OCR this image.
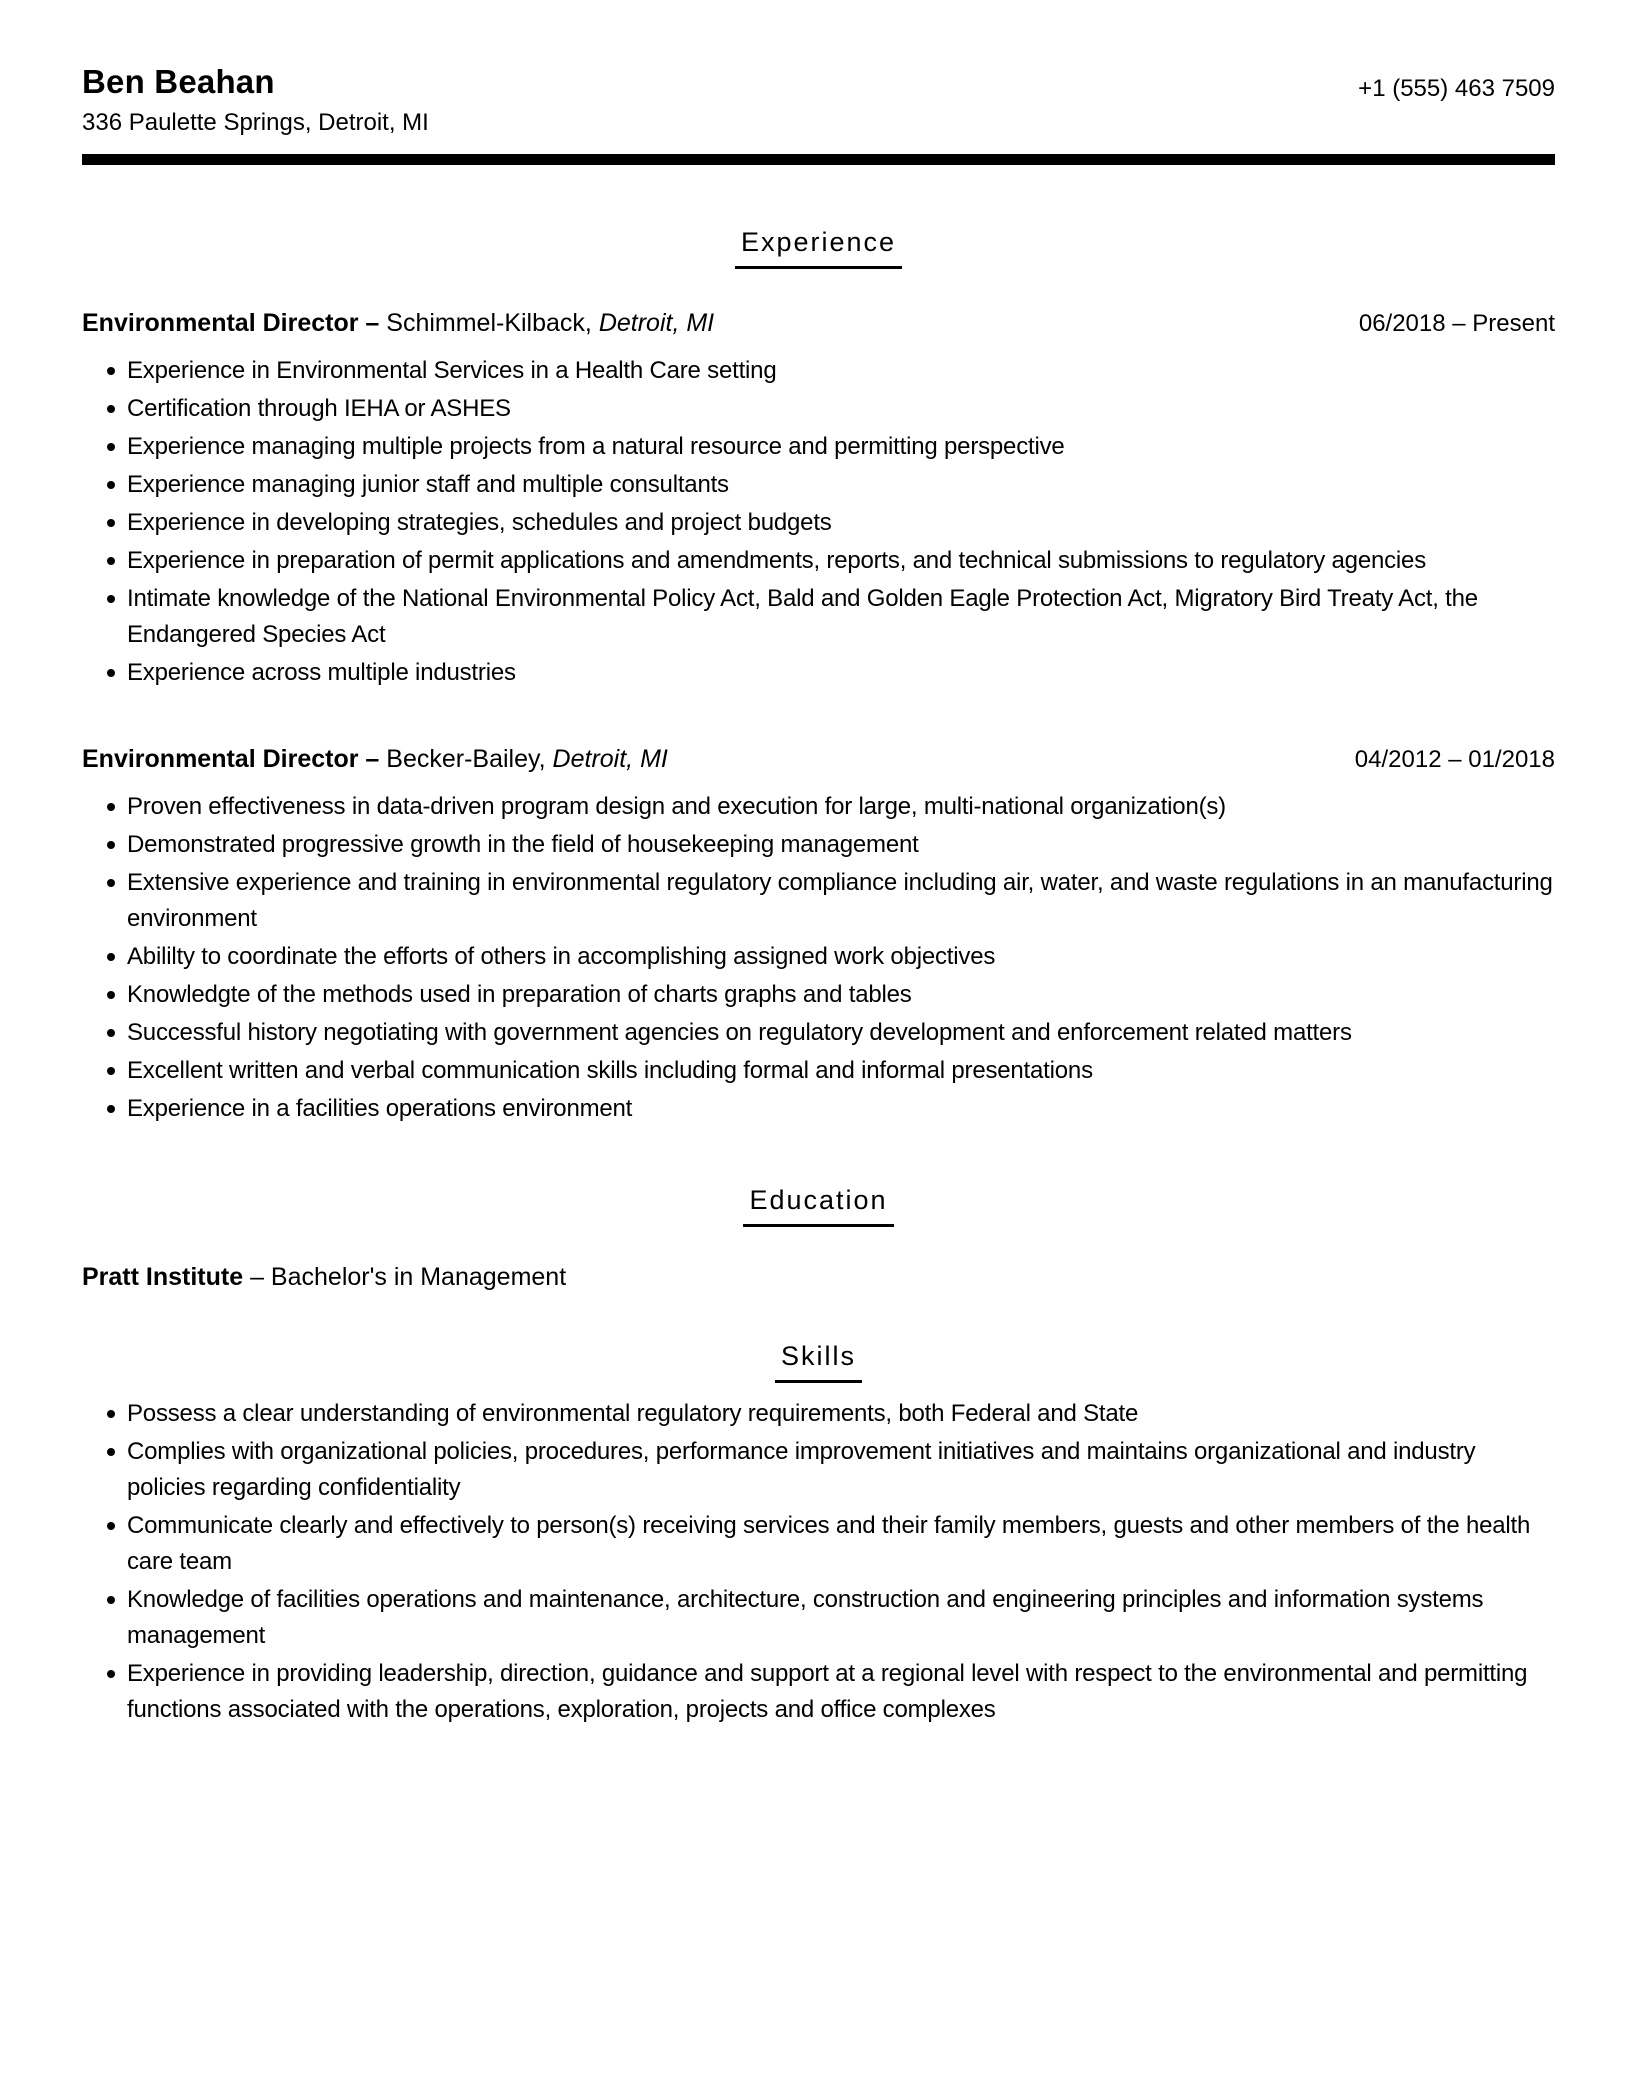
Ben Beahan
336 Paulette Springs, Detroit, MI
+1 (555) 463 7509
Experience
Environmental Director – Schimmel-Kilback, Detroit, MI	06/2018 – Present
Experience in Environmental Services in a Health Care setting
Certification through IEHA or ASHES
Experience managing multiple projects from a natural resource and permitting perspective
Experience managing junior staff and multiple consultants
Experience in developing strategies, schedules and project budgets
Experience in preparation of permit applications and amendments, reports, and technical submissions to regulatory agencies
Intimate knowledge of the National Environmental Policy Act, Bald and Golden Eagle Protection Act, Migratory Bird Treaty Act, the Endangered Species Act
Experience across multiple industries
Environmental Director – Becker-Bailey, Detroit, MI	04/2012 – 01/2018
Proven effectiveness in data-driven program design and execution for large, multi-national organization(s)
Demonstrated progressive growth in the field of housekeeping management
Extensive experience and training in environmental regulatory compliance including air, water, and waste regulations in an manufacturing environment
Abililty to coordinate the efforts of others in accomplishing assigned work objectives
Knowledgte of the methods used in preparation of charts graphs and tables
Successful history negotiating with government agencies on regulatory development and enforcement related matters
Excellent written and verbal communication skills including formal and informal presentations
Experience in a facilities operations environment
Education
Pratt Institute – Bachelor's in Management
Skills
Possess a clear understanding of environmental regulatory requirements, both Federal and State
Complies with organizational policies, procedures, performance improvement initiatives and maintains organizational and industry policies regarding confidentiality
Communicate clearly and effectively to person(s) receiving services and their family members, guests and other members of the health care team
Knowledge of facilities operations and maintenance, architecture, construction and engineering principles and information systems management
Experience in providing leadership, direction, guidance and support at a regional level with respect to the environmental and permitting functions associated with the operations, exploration, projects and office complexes
